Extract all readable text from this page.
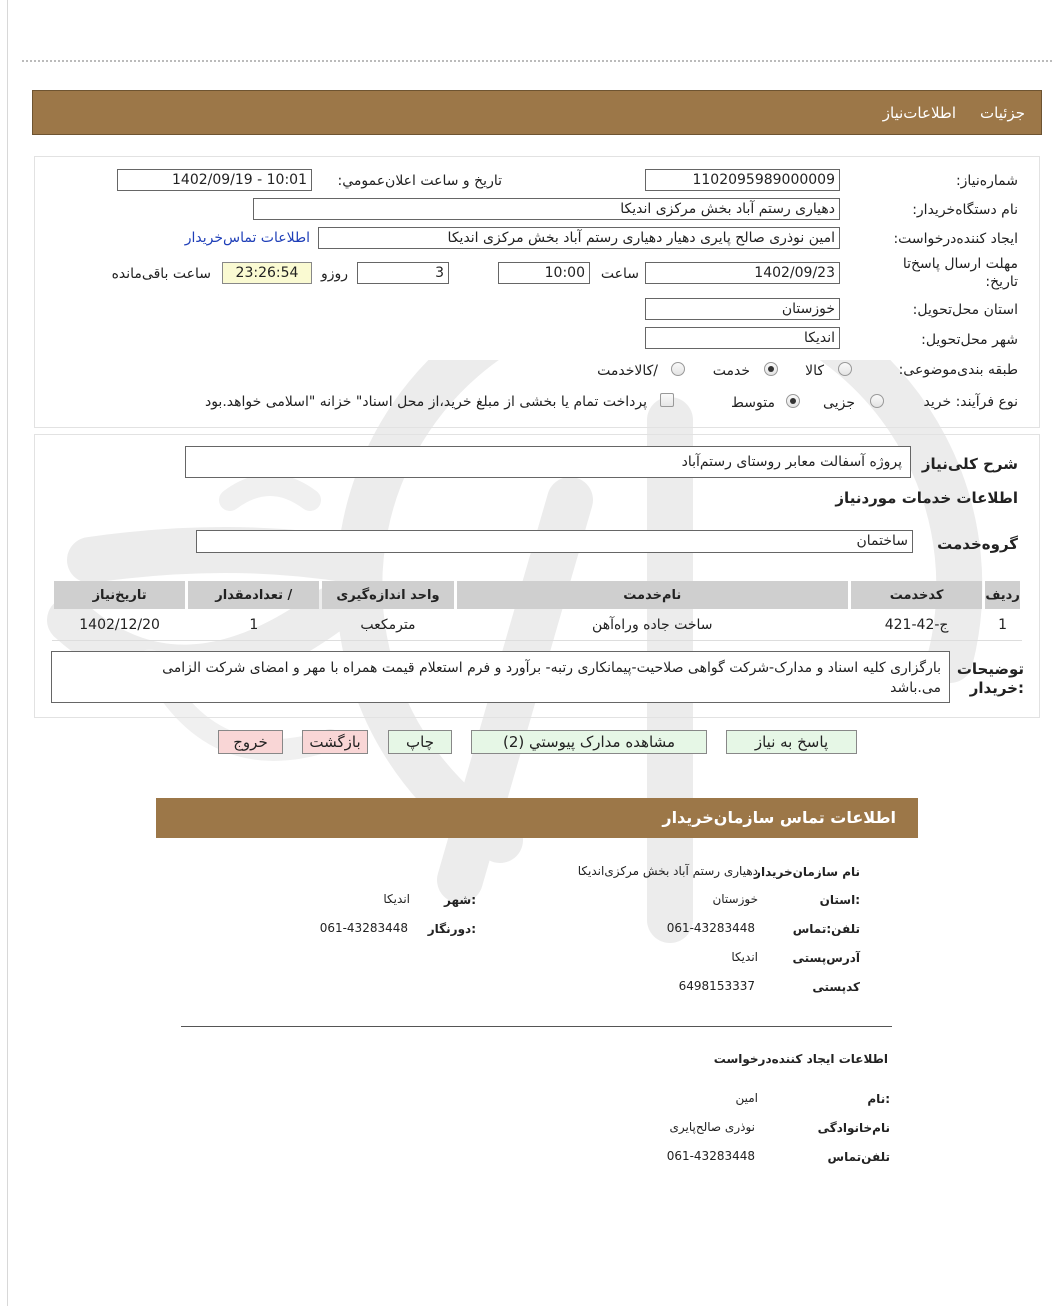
جزئیات
اطلاعات‌نیاز
شماره‌نیاز:
1102095989000009
تاریخ و ساعت اعلان‌عمومي:
1402/09/19 - 10:01
نام دستگاه‌خریدار:
دهیاری رستم آباد بخش مرکزی اندیکا
ایجاد کننده‌درخواست:
امین نوذری صالح پایری دهیار دهیاری رستم آباد بخش مرکزی اندیکا
اطلاعات تماس‌خریدار
مهلت ارسال پاسخ‌تا
تاریخ:
1402/09/23
ساعت
10:00
3
روزو
23:26:54
ساعت باقی‌مانده
استان محل‌تحویل:
خوزستان
شهر محل‌تحویل:
اندیکا
طبقه بندی‌موضوعی:
کالا
خدمت
/کالاخدمت
نوع فرآیند: خرید
جزیی
متوسط
پرداخت تمام یا بخشی از مبلغ خرید،از محل اسناد" خزانه "اسلامی خواهد.بود
شرح کلی‌نیاز
پروژه آسفالت معابر روستای رستم‌آباد
اطلاعات خدمات موردنیاز
گروه‌خدمت
ساختمان
ردیف	کدخدمت	نام‌خدمت	واحد اندازه‌گیری	/ تعدادمقدار	تاریخ‌نیاز
1	ج-42-421	ساخت جاده وراه‌آهن	مترمکعب	1	1402/12/20
توضیحات
:خریدار
بارگزاری کلیه اسناد و مدارک-شرکت گواهی صلاحیت-پیمانکاری رتبه- برآورد و فرم استعلام قیمت همراه با مهر و امضای شرکت الزامی
می.باشد
پاسخ به نیاز
مشاهده مدارک پیوستي (2)
چاپ
بازگشت
خروج
اطلاعات تماس سازمان‌خریدار
نام سازمان‌خریدار
دهیاری رستم آباد بخش مرکزی‌اندیکا
:استان
خوزستان
:شهر
اندیکا
تلفن:تماس
061-43283448
:دورنگار
061-43283448
آدرس‌پستی
اندیکا
کد‌پستی
6498153337
اطلاعات ایجاد کننده‌درخواست
:نام
امین
نام‌خانوادگی
نوذری صالح‌پایری
تلفن‌تماس
061-43283448
